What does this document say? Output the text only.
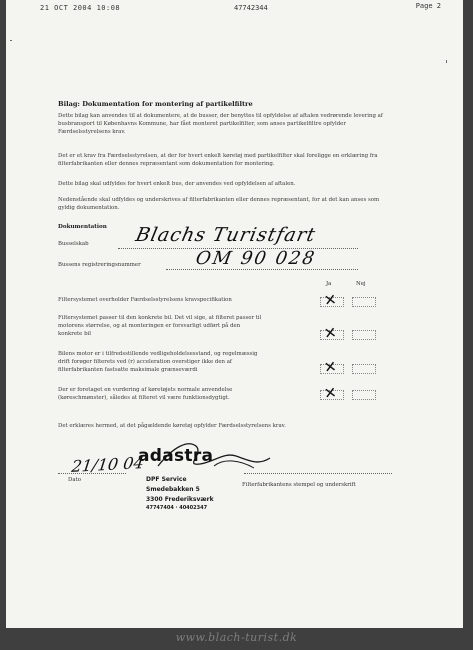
21 OCT 2004 10:08	47742344	Page 2
Bilag: Dokumentation for montering af partikelfiltre

Dette bilag kan anvendes til at dokumentere, at de busser, der benyttes til opfyldelse af aftalen vedrørende levering af busbransport til Københavns Kommune, har fået monteret partikelfilter, som anses partikelfiltre opfylder Færdselsstyrelsens krav.

Det er et krav fra Færdselsstyrelsen, at der for hvert enkelt køretøj med partikelfilter skal foreligge en erklæring fra filterfabrikanten eller dennes repræsentant som dokumentation for montering.

Dette bilag skal udfyldes for hvert enkelt bus, der anvendes ved opfyldelsen af aftalen.

Nedenstående skal udfyldes og underskrives af filterfabrikanten eller dennes repræsentant, for at det kan anses som gyldig dokumentation.

Dokumentation
Busselskab Blachs Turistfart
Bussens registreringsnummer	OM 90 028
Ja	Nej

Filtersystemet overholder Færdselsstyrelsens kravspecifikation	✕

Filtersystemet passer til den konkrete bil. Det vil sige, at filteret passer til motorens størrelse, og at monteringen er forsvarligt udført på den konkrete bil	✕

Bilens motor er i tilfredsstillende vedligeholdelsesstand, og regelmæssig drift forøger filterets ved (r) acceleration overstiger ikke den af filterfabrikanten fastsatte maksimale grænseværdi	✕

Der er foretaget en vurdering af køretøjets normale anvendelse (køreschmønster), således at filteret vil være funktionsdygtigt.	✕
Det erklæres hermed, at det pågældende køretøj opfylder Færdselsstyrelsens krav.
21/10 04
Dato
adastra
DPF Service
Smedebakken 5
3300 Frederiksværk
47747404 · 40402347
Filterfabrikantens stempel og underskrift
www.blach-turist.dk
